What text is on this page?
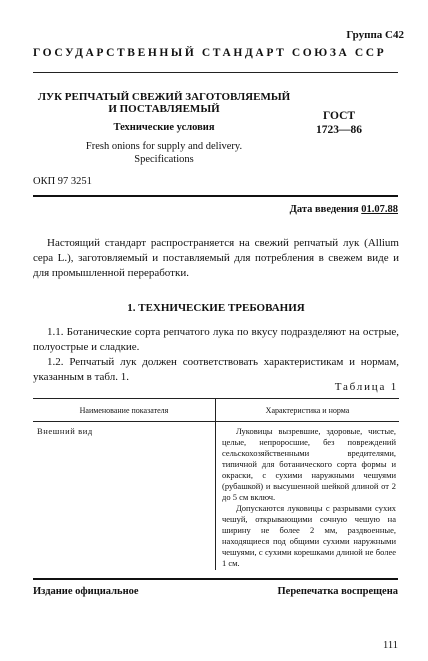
Группа С42
ГОСУДАРСТВЕННЫЙ СТАНДАРТ СОЮЗА ССР
ЛУК РЕПЧАТЫЙ СВЕЖИЙ ЗАГОТОВЛЯЕМЫЙ
И ПОСТАВЛЯЕМЫЙ
Технические условия
Fresh onions for supply and delivery.
Specifications
ОКП 97 3251
ГОСТ
1723—86
Дата введения 01.07.88
Настоящий стандарт распространяется на свежий репчатый лук (Allium cepa L.), заготовляемый и поставляемый для потребления в свежем виде и для промышленной переработки.
1. ТЕХНИЧЕСКИЕ ТРЕБОВАНИЯ
1.1. Ботанические сорта репчатого лука по вкусу подразделяют на острые, полуострые и сладкие.
1.2. Репчатый лук должен соответствовать характеристикам и нормам, указанным в табл. 1.
Таблица 1
Наименование показателя	Характеристика и норма
Внешний вид	Луковицы вызревшие, здоровые, чистые, целые, непроросшие, без повреждений сельскохозяйственными вредителями, типичной для ботанического сорта формы и окраски, с сухими наружными чешуями (рубашкой) и высушенной шейкой длиной от 2 до 5 см включ.

Допускаются луковицы с разрывами сухих чешуй, открывающими сочную чешую на ширину не более 2 мм, раздвоенные, находящиеся под общими сухими наружными чешуями, с сухими корешками длиной не более 1 см.

Издание официальное	Перепечатка воспрещена
111
